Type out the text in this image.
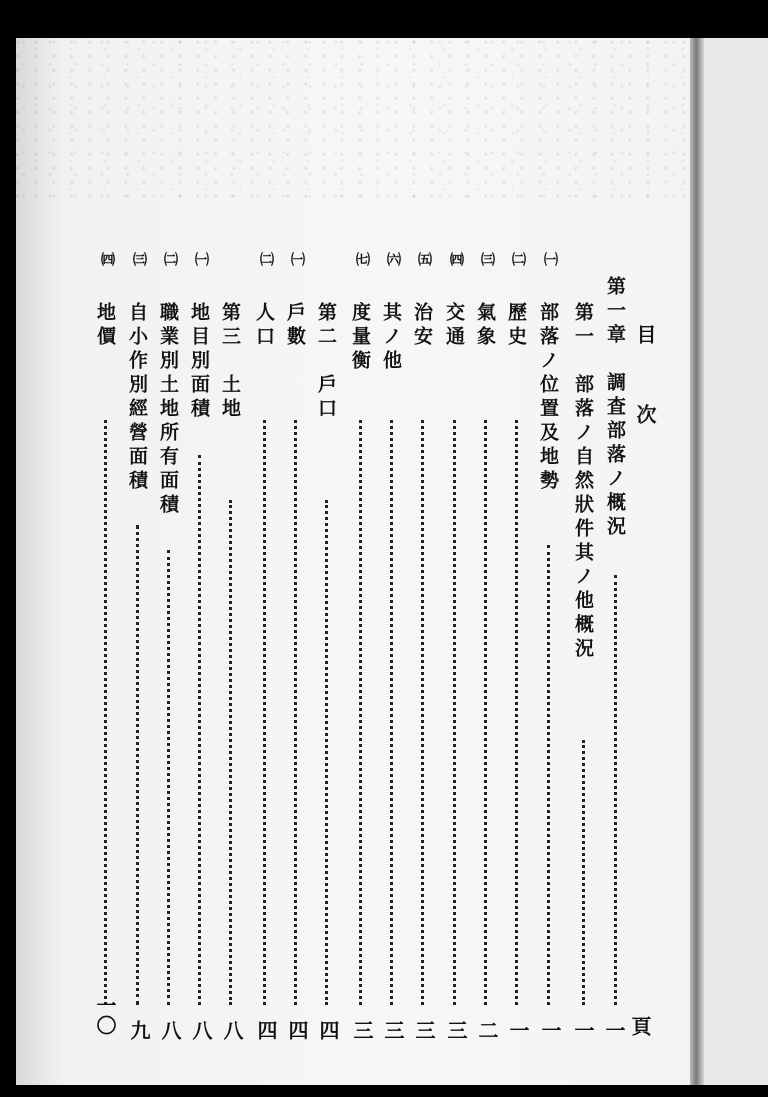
目次
頁
第一章　調査部落ノ概況
一
第一　部落ノ自然狀件其ノ他概況
一
㈠
部落ノ位置及地勢
一
㈡
歷史
一
㈢
氣象
二
㈣
交通
三
㈤
治安
三
㈥
其ノ他
三
㈦
度量衡
三
第二　戶口
四
㈠
戶數
四
㈡
人口
四
第三　土地
八
㈠
地目別面積
八
㈡
職業別土地所有面積
八
㈢
自小作別經營面積
九
㈣
地價
一〇
